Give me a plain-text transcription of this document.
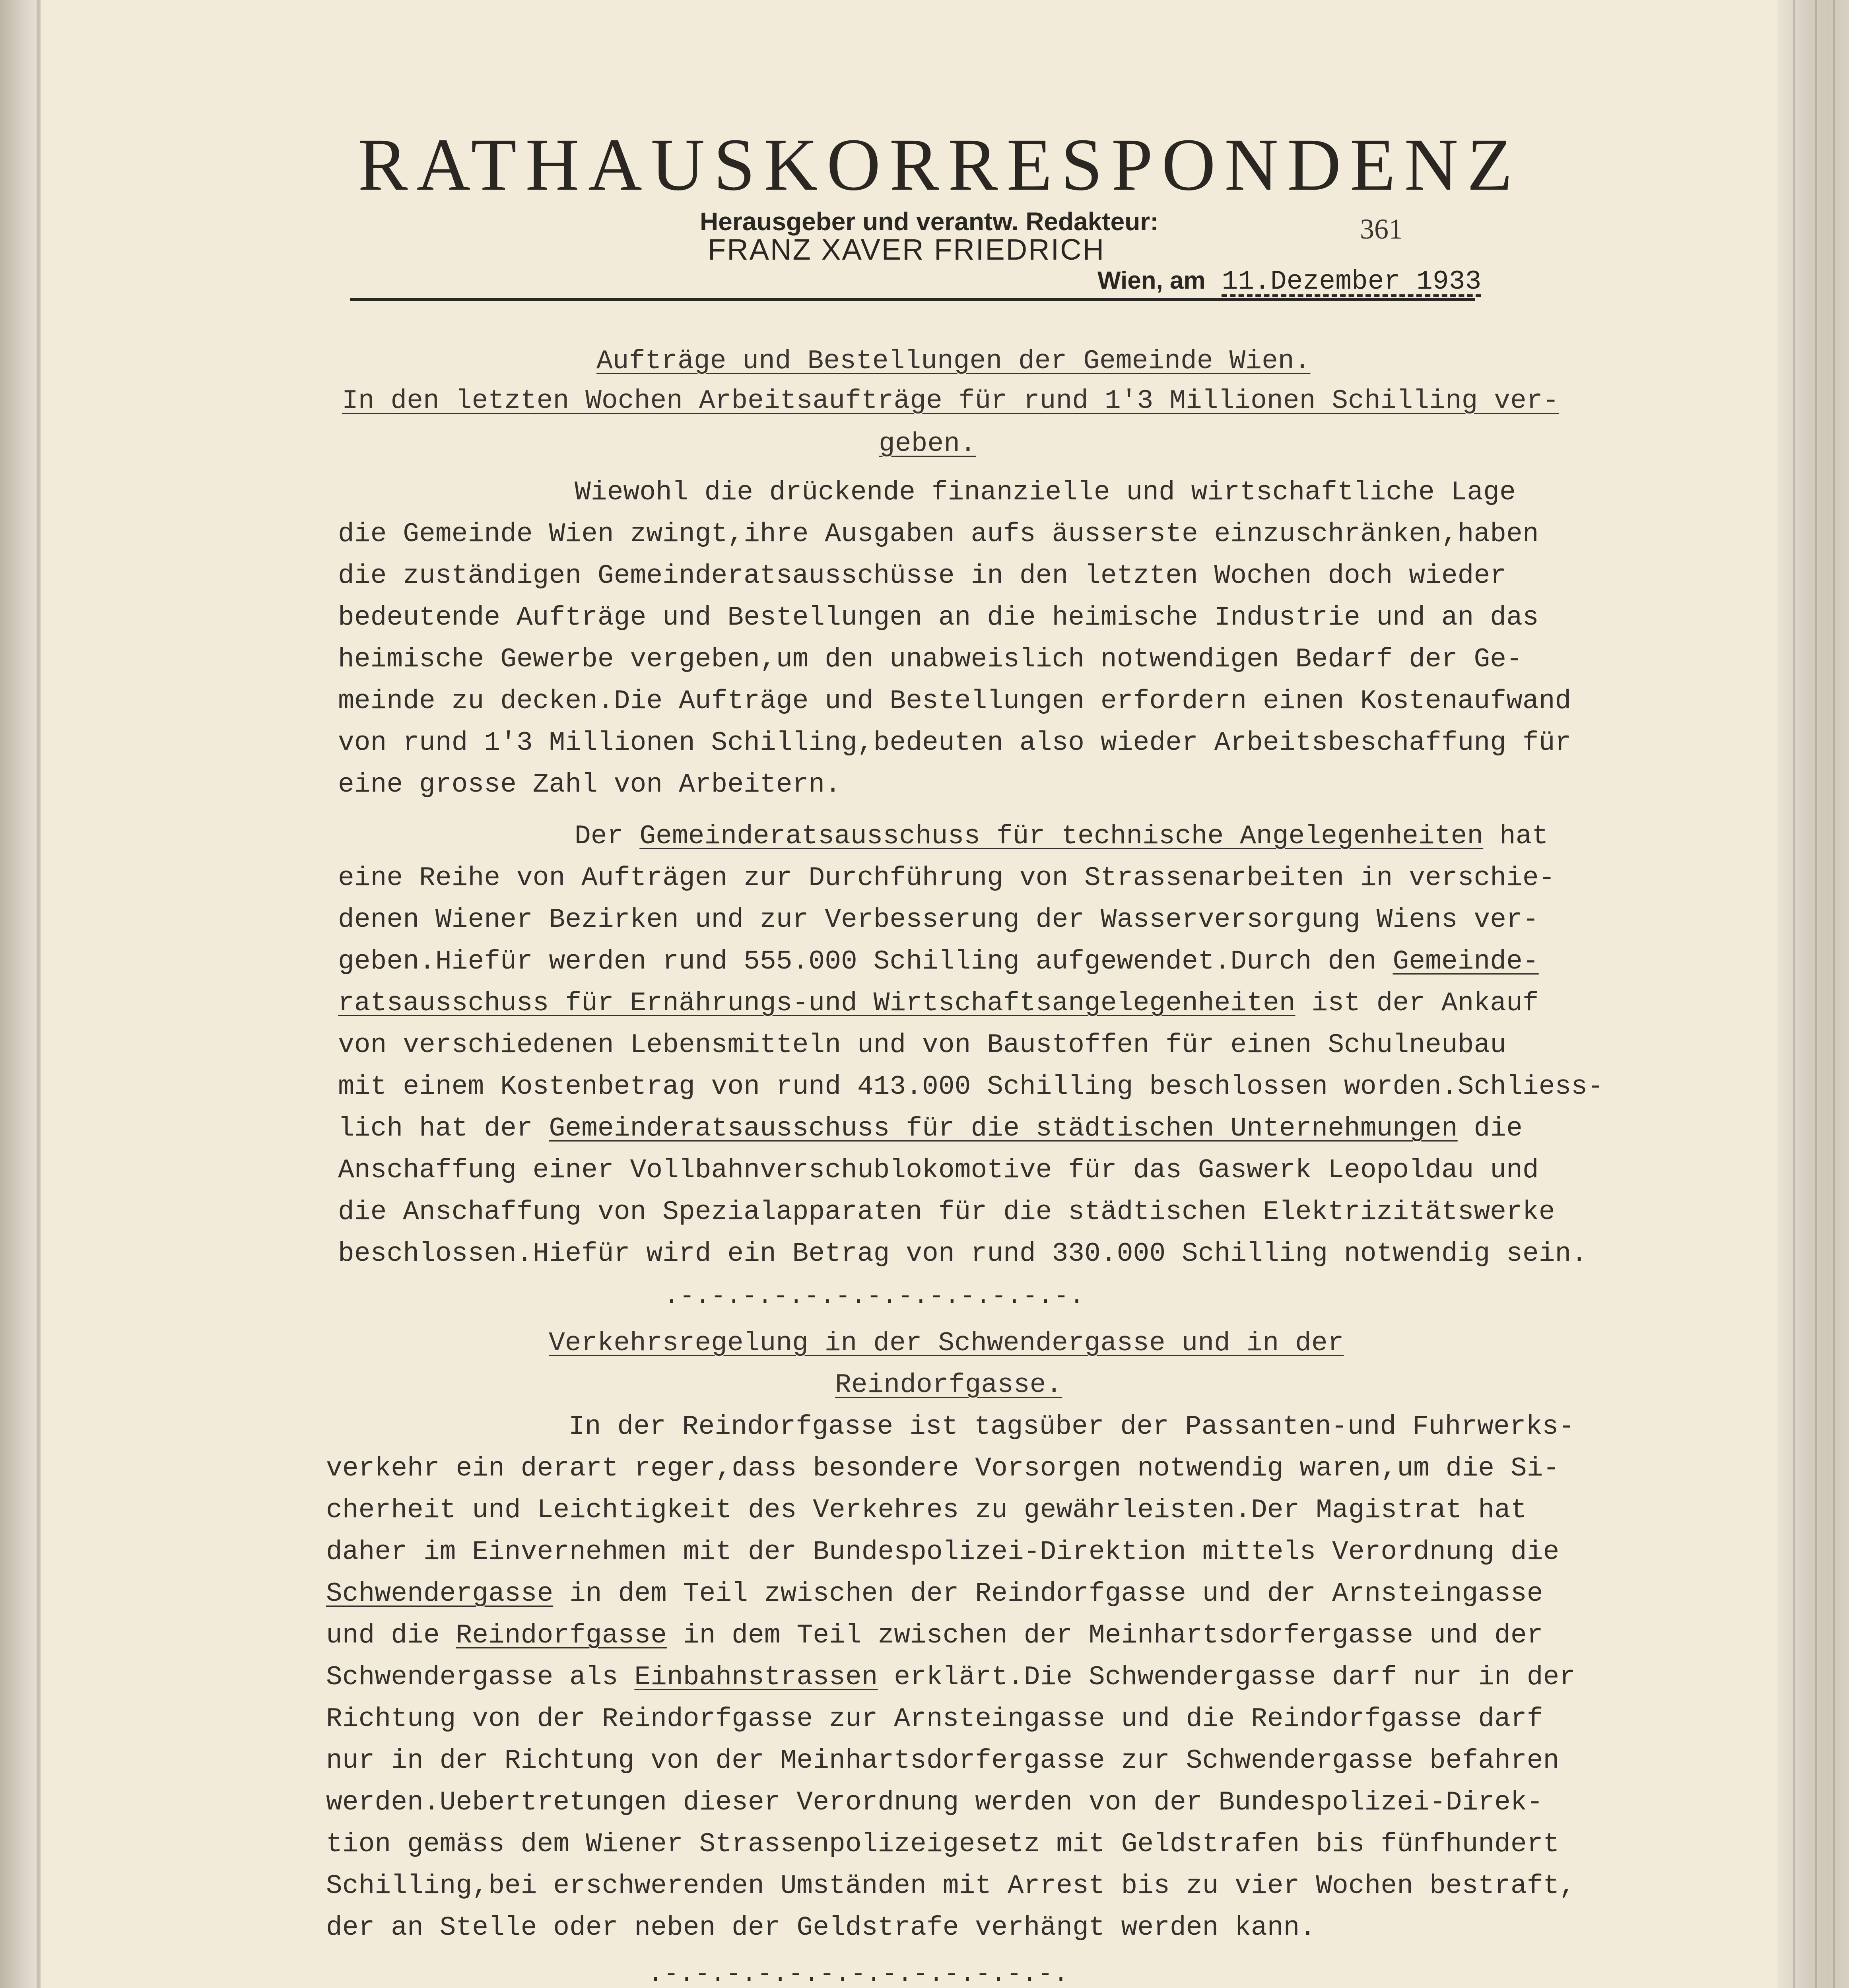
RATHAUSKORRESPONDENZ
Herausgeber und verantw. Redakteur:
FRANZ XAVER FRIEDRICH
361
Wien, am 11.Dezember 1933
Aufträge und Bestellungen der Gemeinde Wien.
In den letzten Wochen Arbeitsaufträge für rund 1'3 Millionen Schilling ver-
geben.
Wiewohl die drückende finanzielle und wirtschaftliche Lage
die Gemeinde Wien zwingt,ihre Ausgaben aufs äusserste einzuschränken,haben
die zuständigen Gemeinderatsausschüsse in den letzten Wochen doch wieder
bedeutende Aufträge und Bestellungen an die heimische Industrie und an das
heimische Gewerbe vergeben,um den unabweislich notwendigen Bedarf der Ge-
meinde zu decken.Die Aufträge und Bestellungen erfordern einen Kostenaufwand
von rund 1'3 Millionen Schilling,bedeuten also wieder Arbeitsbeschaffung für
eine grosse Zahl von Arbeitern.
Der Gemeinderatsausschuss für technische Angelegenheiten hat
eine Reihe von Aufträgen zur Durchführung von Strassenarbeiten in verschie-
denen Wiener Bezirken und zur Verbesserung der Wasserversorgung Wiens ver-
geben.Hiefür werden rund 555.000 Schilling aufgewendet.Durch den Gemeinde-
ratsausschuss für Ernährungs-und Wirtschaftsangelegenheiten ist der Ankauf
von verschiedenen Lebensmitteln und von Baustoffen für einen Schulneubau
mit einem Kostenbetrag von rund 413.000 Schilling beschlossen worden.Schliess-
lich hat der Gemeinderatsausschuss für die städtischen Unternehmungen die
Anschaffung einer Vollbahnverschublokomotive für das Gaswerk Leopoldau und
die Anschaffung von Spezialapparaten für die städtischen Elektrizitätswerke
beschlossen.Hiefür wird ein Betrag von rund 330.000 Schilling notwendig sein.
.-.-.-.-.-.-.-.-.-.-.-.-.-.
Verkehrsregelung in der Schwendergasse und in der
Reindorfgasse.
In der Reindorfgasse ist tagsüber der Passanten-und Fuhrwerks-
verkehr ein derart reger,dass besondere Vorsorgen notwendig waren,um die Si-
cherheit und Leichtigkeit des Verkehres zu gewährleisten.Der Magistrat hat
daher im Einvernehmen mit der Bundespolizei-Direktion mittels Verordnung die
Schwendergasse in dem Teil zwischen der Reindorfgasse und der Arnsteingasse
und die Reindorfgasse in dem Teil zwischen der Meinhartsdorfergasse und der
Schwendergasse als Einbahnstrassen erklärt.Die Schwendergasse darf nur in der
Richtung von der Reindorfgasse zur Arnsteingasse und die Reindorfgasse darf
nur in der Richtung von der Meinhartsdorfergasse zur Schwendergasse befahren
werden.Uebertretungen dieser Verordnung werden von der Bundespolizei-Direk-
tion gemäss dem Wiener Strassenpolizeigesetz mit Geldstrafen bis fünfhundert
Schilling,bei erschwerenden Umständen mit Arrest bis zu vier Wochen bestraft,
der an Stelle oder neben der Geldstrafe verhängt werden kann.
.-.-.-.-.-.-.-.-.-.-.-.-.-.
